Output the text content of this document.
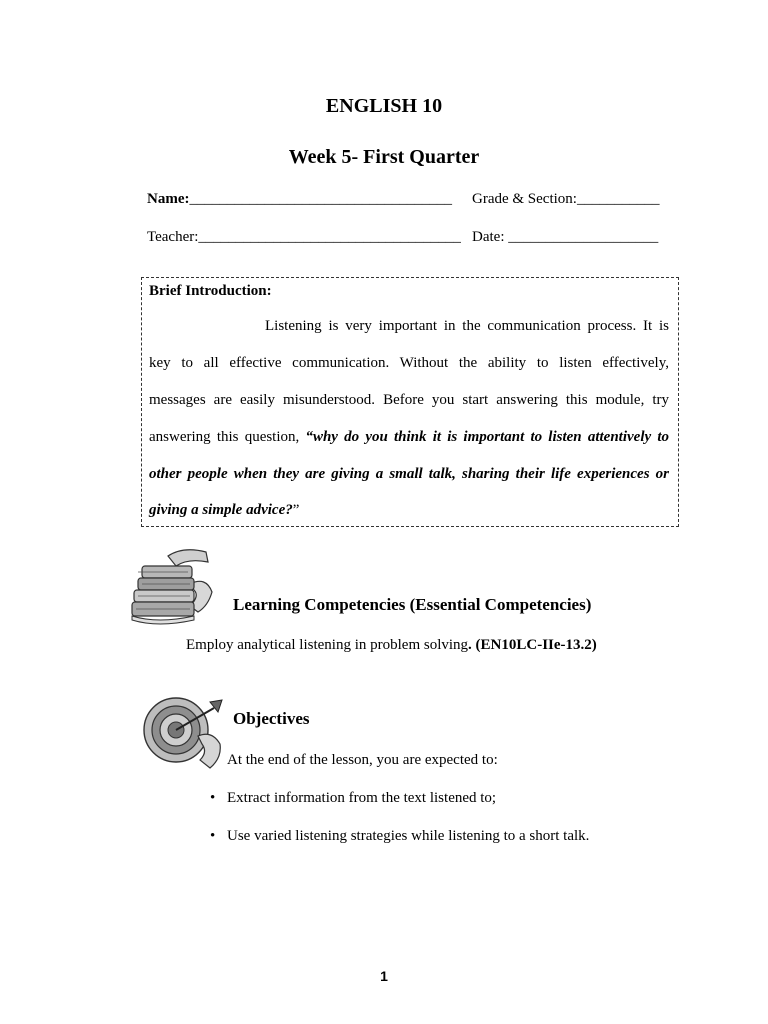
ENGLISH 10
Week 5- First Quarter
Name:___________________________________ Grade & Section:___________
Teacher:___________________________________ Date: ____________________
Brief Introduction:
Listening is very important in the communication process. It is
key to all effective communication. Without the ability to listen effectively,
messages are easily misunderstood. Before you start answering this module, try
answering this question, “why do you think it is important to listen attentively to
other people when they are giving a small talk, sharing their life experiences or
giving a simple advice?”
Learning Competencies (Essential Competencies)
Employ analytical listening in problem solving. (EN10LC-IIe-13.2)
Objectives
At the end of the lesson, you are expected to:
• Extract information from the text listened to;
• Use varied listening strategies while listening to a short talk.
1
